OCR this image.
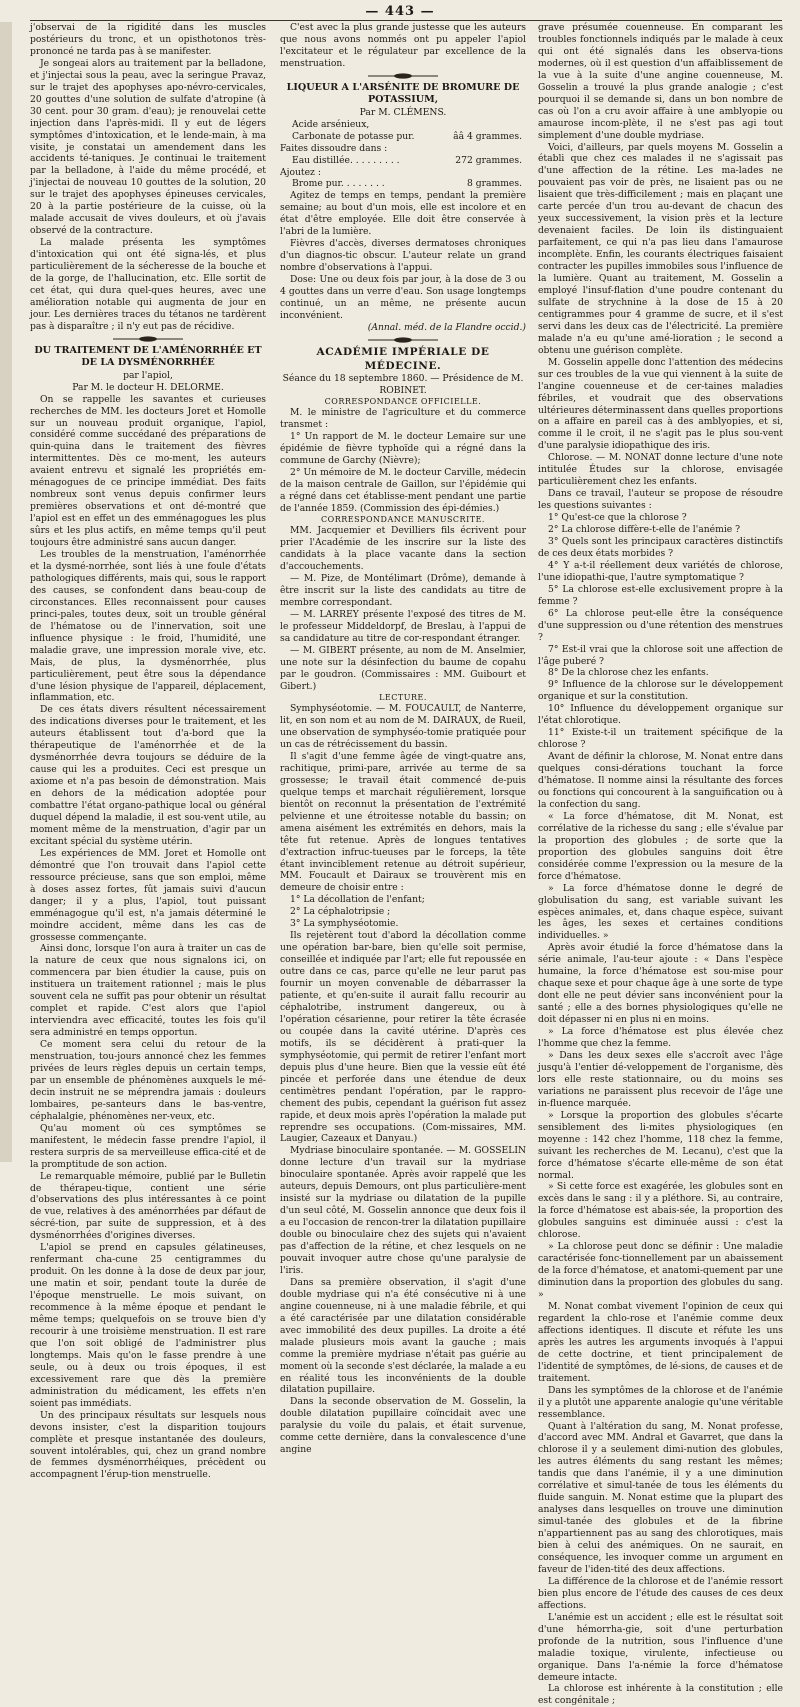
— 443 —

j'observai de la rigidité dans les muscles postérieurs du tronc, et un opisthotonos très-prononcé ne tarda pas à se manifester.

Je songeai alors au traitement par la belladone, et j'injectai sous la peau, avec la seringue Pravaz, sur le trajet des apophyses apo-névro-cervicales, 20 gouttes d'une solution de sulfate d'atropine (à 30 cent. pour 30 gram. d'eau); je renouvelai cette injection dans l'après-midi. Il y eut de légers symptômes d'intoxication, et le lende-main, à ma visite, je constatai un amendement dans les accidents té-taniques. Je continuai le traitement par la belladone, à l'aide du même procédé, et j'injectai de nouveau 10 gouttes de la solution, 20 sur le trajet des apophyses épineuses cervicales, 20 à la partie postérieure de la cuisse, où la malade accusait de vives douleurs, et où j'avais observé de la contracture.

La malade présenta les symptômes d'intoxication qui ont été signa-lés, et plus particulièrement de la sécheresse de la bouche et de la gorge, de l'hallucination, etc. Elle sortit de cet état, qui dura quel-ques heures, avec une amélioration notable qui augmenta de jour en jour. Les dernières traces du tétanos ne tardèrent pas à disparaître ; il n'y eut pas de récidive.

DU TRAITEMENT DE L'AMÉNORRHÉE ET DE LA DYSMÉNORRHÉE

par l'apiol,

Par M. le docteur H. DELORME.

On se rappelle les savantes et curieuses recherches de MM. les docteurs Joret et Homolle sur un nouveau produit organique, l'apiol, considéré comme succédané des préparations de quin-quina dans le traitement des fièvres intermittentes. Dès ce mo-ment, les auteurs avaient entrevu et signalé les propriétés em-ménagogues de ce principe immédiat. Des faits nombreux sont venus depuis confirmer leurs premières observations et ont dé-montré que l'apiol est en effet un des emménagogues les plus sûrs et les plus actifs, en même temps qu'il peut toujours être administré sans aucun danger.

Les troubles de la menstruation, l'aménorrhée et la dysmé-norrhée, sont liés à une foule d'états pathologiques différents, mais qui, sous le rapport des causes, se confondent dans beau-coup de circonstances. Elles reconnaissent pour causes princi-pales, toutes deux, soit un trouble général de l'hématose ou de l'innervation, soit une influence physique : le froid, l'humidité, une maladie grave, une impression morale vive, etc. Mais, de plus, la dysménorrhée, plus particulièrement, peut être sous la dépendance d'une lésion physique de l'appareil, déplacement, inflammation, etc.

De ces états divers résultent nécessairement des indications diverses pour le traitement, et les auteurs établissent tout d'a-bord que la thérapeutique de l'aménorrhée et de la dysménorrhée devra toujours se déduire de la cause qui les a produites. Ceci est presque un axiome et n'a pas besoin de démonstration. Mais en dehors de la médication adoptée pour combattre l'état organo-pathique local ou général duquel dépend la maladie, il est sou-vent utile, au moment même de la menstruation, d'agir par un excitant spécial du système utérin.

Les expériences de MM. Joret et Homolle ont démontré que l'on trouvait dans l'apiol cette ressource précieuse, sans que son emploi, même à doses assez fortes, fût jamais suivi d'aucun danger; il y a plus, l'apiol, tout puissant emménagogue qu'il est, n'a jamais déterminé le moindre accident, même dans les cas de grossesse commençante.

Ainsi donc, lorsque l'on aura à traiter un cas de la nature de ceux que nous signalons ici, on commencera par bien étudier la cause, puis on instituera un traitement rationnel ; mais le plus souvent cela ne suffit pas pour obtenir un résultat complet et rapide. C'est alors que l'apiol interviendra avec efficacité, toutes les fois qu'il sera administré en temps opportun.

Ce moment sera celui du retour de la menstruation, tou-jours annoncé chez les femmes privées de leurs règles depuis un certain temps, par un ensemble de phénomènes auxquels le mé-decin instruit ne se méprendra jamais : douleurs lombaires, pe-santeurs dans le bas-ventre, céphalalgie, phénomènes ner-veux, etc.

Qu'au moment où ces symptômes se manifestent, le médecin fasse prendre l'apiol, il restera surpris de sa merveilleuse effica-cité et de la promptitude de son action.

Le remarquable mémoire, publié par le Bulletin de thérapeu-tique, contient une série d'observations des plus intéressantes à ce point de vue, relatives à des aménorrhées par défaut de sécré-tion, par suite de suppression, et à des dysménorrhées d'origines diverses.

L'apiol se prend en capsules gélatineuses, renfermant cha-cune 25 centigrammes du produit. On les donne à la dose de deux par jour, une matin et soir, pendant toute la durée de l'époque menstruelle. Le mois suivant, on recommence à la même époque et pendant le même temps; quelquefois on se trouve bien d'y recourir à une troisième menstruation. Il est rare que l'on soit obligé de l'administrer plus longtemps. Mais qu'on le fasse prendre à une seule, ou à deux ou trois époques, il est excessivement rare que dès la première administration du médicament, les effets n'en soient pas immédiats.

Un des principaux résultats sur lesquels nous devons insister, c'est la disparition toujours complète et presque instantanée des douleurs, souvent intolérables, qui, chez un grand nombre de femmes dysménorrhéiques, précèdent ou accompagnent l'érup-tion menstruelle.

C'est avec la plus grande justesse que les auteurs que nous avons nommés ont pu appeler l'apiol l'excitateur et le régulateur par excellence de la menstruation.

LIQUEUR A L'ARSÉNITE DE BROMURE DE POTASSIUM,

Par M. CLÉMENS.

Acide arsénieux,

Carbonate de potasse pur.	ââ 4 grammes.

Faites dissoudre dans :

Eau distillée. . . . . . . . .	272 grammes.

Ajoutez :

Brome pur. . . . . . . .	8 grammes.

Agitez de temps en temps, pendant la première semaine; au bout d'un mois, elle est incolore et en état d'être employée. Elle doit être conservée à l'abri de la lumière.

Fièvres d'accès, diverses dermatoses chroniques d'un diagnos-tic obscur. L'auteur relate un grand nombre d'observations à l'appui.

Dose: Une ou deux fois par jour, à la dose de 3 ou 4 gouttes dans un verre d'eau. Son usage longtemps continué, un an même, ne présente aucun inconvénient.

(Annal. méd. de la Flandre occid.)

ACADÉMIE IMPÉRIALE DE MÉDECINE.

Séance du 18 septembre 1860. — Présidence de M. ROBINET.

CORRESPONDANCE OFFICIELLE.

M. le ministre de l'agriculture et du commerce transmet :

1° Un rapport de M. le docteur Lemaire sur une épidémie de fièvre typhoïde qui a régné dans la commune de Garchy (Nièvre);

2° Un mémoire de M. le docteur Carville, médecin de la maison centrale de Gaillon, sur l'épidémie qui a régné dans cet établisse-ment pendant une partie de l'année 1859. (Commission des épi-démies.)

CORRESPONDANCE MANUSCRITE.

MM. Jacquemier et Devilliers fils écrivent pour prier l'Académie de les inscrire sur la liste des candidats à la place vacante dans la section d'accouchements.

— M. Pize, de Montélimart (Drôme), demande à être inscrit sur la liste des candidats au titre de membre correspondant.

— M. LARREY présente l'exposé des titres de M. le professeur Middeldorpf, de Breslau, à l'appui de sa candidature au titre de cor-respondant étranger.

— M. GIBERT présente, au nom de M. Anselmier, une note sur la désinfection du baume de copahu par le goudron. (Commissaires : MM. Guibourt et Gibert.)

LECTURE.

Symphyséotomie. — M. FOUCAULT, de Nanterre, lit, en son nom et au nom de M. DAIRAUX, de Rueil, une observation de symphyséo-tomie pratiquée pour un cas de rétrécissement du bassin.

Il s'agit d'une femme âgée de vingt-quatre ans, rachitique, primi-pare, arrivée au terme de sa grossesse; le travail était commencé de-puis quelque temps et marchait régulièrement, lorsque bientôt on reconnut la présentation de l'extrémité pelvienne et une étroitesse notable du bassin; on amena aisément les extrémités en dehors, mais la tête fut retenue. Après de longues tentatives d'extraction infruc-tueuses par le forceps, la tête étant invinciblement retenue au détroit supérieur, MM. Foucault et Dairaux se trouvèrent mis en demeure de choisir entre :

1° La décollation de l'enfant;

2° La céphalotripsie ;

3° La symphyséotomie.

Ils rejetèrent tout d'abord la décollation comme une opération bar-bare, bien qu'elle soit permise, conseillée et indiquée par l'art; elle fut repoussée en outre dans ce cas, parce qu'elle ne leur parut pas fournir un moyen convenable de débarrasser la patiente, et qu'en-suite il aurait fallu recourir au céphalotribe, instrument dangereux, ou à l'opération césarienne, pour retirer la tête écrasée ou coupée dans la cavité utérine. D'après ces motifs, ils se décidèrent à prati-quer la symphyséotomie, qui permit de retirer l'enfant mort depuis plus d'une heure. Bien que la vessie eût été pincée et perforée dans une étendue de deux centimètres pendant l'opération, par le rappro-chement des pubis, cependant la guérison fut assez rapide, et deux mois après l'opération la malade put reprendre ses occupations. (Com-missaires, MM. Laugier, Cazeaux et Danyau.)

Mydriase binoculaire spontanée. — M. GOSSELIN donne lecture d'un travail sur la mydriase binoculaire spontanée. Après avoir rappelé que les auteurs, depuis Demours, ont plus particulière-ment insisté sur la mydriase ou dilatation de la pupille d'un seul côté, M. Gosselin annonce que deux fois il a eu l'occasion de rencon-trer la dilatation pupillaire double ou binoculaire chez des sujets qui n'avaient pas d'affection de la rétine, et chez lesquels on ne pouvait invoquer autre chose qu'une paralysie de l'iris.

Dans sa première observation, il s'agit d'une double mydriase qui n'a été consécutive ni à une angine couenneuse, ni à une maladie fébrile, et qui a été caractérisée par une dilatation considérable avec immobilité des deux pupilles. La droite a été malade plusieurs mois avant la gauche ; mais comme la première mydriase n'était pas guérie au moment où la seconde s'est déclarée, la malade a eu en réalité tous les inconvénients de la double dilatation pupillaire.

Dans la seconde observation de M. Gosselin, la double dilatation pupillaire coïncidait avec une paralysie du voile du palais, et était survenue, comme cette dernière, dans la convalescence d'une angine

grave présumée couenneuse. En comparant les troubles fonctionnels indiqués par le malade à ceux qui ont été signalés dans les observa-tions modernes, où il est question d'un affaiblissement de la vue à la suite d'une angine couenneuse, M. Gosselin a trouvé la plus grande analogie ; c'est pourquoi il se demande si, dans un bon nombre de cas où l'on a cru avoir affaire à une amblyopie ou amaurose incom-plète, il ne s'est pas agi tout simplement d'une double mydriase.

Voici, d'ailleurs, par quels moyens M. Gosselin a établi que chez ces malades il ne s'agissait pas d'une affection de la rétine. Les ma-lades ne pouvaient pas voir de près, ne lisaient pas ou ne lisaient que très-difficilement ; mais en plaçant une carte percée d'un trou au-devant de chacun des yeux successivement, la vision près et la lecture devenaient faciles. De loin ils distinguaient parfaitement, ce qui n'a pas lieu dans l'amaurose incomplète. Enfin, les courants électriques faisaient contracter les pupilles immobiles sous l'influence de la lumière. Quant au traitement, M. Gosselin a employé l'insuf-flation d'une poudre contenant du sulfate de strychnine à la dose de 15 à 20 centigrammes pour 4 gramme de sucre, et il s'est servi dans les deux cas de l'électricité. La première malade n'a eu qu'une amé-lioration ; le second a obtenu une guérison complète.

M. Gosselin appelle donc l'attention des médecins sur ces troubles de la vue qui viennent à la suite de l'angine couenneuse et de cer-taines maladies fébriles, et voudrait que des observations ultérieures déterminassent dans quelles proportions on a affaire en pareil cas à des amblyopies, et si, comme il le croit, il ne s'agit pas le plus sou-vent d'une paralysie idiopathique des iris.

Chlorose. — M. NONAT donne lecture d'une note intitulée Études sur la chlorose, envisagée particulièrement chez les enfants.

Dans ce travail, l'auteur se propose de résoudre les questions suivantes :

1° Qu'est-ce que la chlorose ?

2° La chlorose diffère-t-elle de l'anémie ?

3° Quels sont les principaux caractères distinctifs de ces deux états morbides ?

4° Y a-t-il réellement deux variétés de chlorose, l'une idiopathi-que, l'autre symptomatique ?

5° La chlorose est-elle exclusivement propre à la femme ?

6° La chlorose peut-elle être la conséquence d'une suppression ou d'une rétention des menstrues ?

7° Est-il vrai que la chlorose soit une affection de l'âge puberé ?

8° De la chlorose chez les enfants.

9° Influence de la chlorose sur le développement organique et sur la constitution.

10° Influence du développement organique sur l'état chlorotique.

11° Existe-t-il un traitement spécifique de la chlorose ?

Avant de définir la chlorose, M. Nonat entre dans quelques consi-dérations touchant la force d'hématose. Il nomme ainsi la résultante des forces ou fonctions qui concourent à la sanguification ou à la confection du sang.

« La force d'hématose, dit M. Nonat, est corrélative de la richesse du sang ; elle s'évalue par la proportion des globules ; de sorte que la proportion des globules sanguins doit être considérée comme l'expression ou la mesure de la force d'hématose.

» La force d'hématose donne le degré de globulisation du sang, est variable suivant les espèces animales, et, dans chaque espèce, suivant les âges, les sexes et certaines conditions individuelles. »

Après avoir étudié la force d'hématose dans la série animale, l'au-teur ajoute : « Dans l'espèce humaine, la force d'hématose est sou-mise pour chaque sexe et pour chaque âge à une sorte de type dont elle ne peut dévier sans inconvénient pour la santé ; elle a des bornes physiologiques qu'elle ne doit dépasser ni en plus ni en moins.

» La force d'hématose est plus élevée chez l'homme que chez la femme.

» Dans les deux sexes elle s'accroît avec l'âge jusqu'à l'entier dé-veloppement de l'organisme, dès lors elle reste stationnaire, ou du moins ses variations ne paraissent plus recevoir de l'âge une in-fluence marquée.

» Lorsque la proportion des globules s'écarte sensiblement des li-mites physiologiques (en moyenne : 142 chez l'homme, 118 chez la femme, suivant les recherches de M. Lecanu), c'est que la force d'hématose s'écarte elle-même de son état normal.

» Si cette force est exagérée, les globules sont en excès dans le sang : il y a pléthore. Si, au contraire, la force d'hématose est abais-sée, la proportion des globules sanguins est diminuée aussi : c'est la chlorose.

» La chlorose peut donc se définir : Une maladie caractérisée fonc-tionnellement par un abaissement de la force d'hématose, et anatomi-quement par une diminution dans la proportion des globules du sang. »

M. Nonat combat vivement l'opinion de ceux qui regardent la chlo-rose et l'anémie comme deux affections identiques. Il discute et réfute les uns après les autres les arguments invoqués à l'appui de cette doctrine, et tient principalement de l'identité de symptômes, de lé-sions, de causes et de traitement.

Dans les symptômes de la chlorose et de l'anémie il y a plutôt une apparente analogie qu'une véritable ressemblance.

Quant à l'altération du sang, M. Nonat professe, d'accord avec MM. Andral et Gavarret, que dans la chlorose il y a seulement dimi-nution des globules, les autres éléments du sang restant les mêmes; tandis que dans l'anémie, il y a une diminution corrélative et simul-tanée de tous les éléments du fluide sanguin. M. Nonat estime que la plupart des analyses dans lesquelles on trouve une diminution simul-tanée des globules et de la fibrine n'appartiennent pas au sang des chlorotiques, mais bien à celui des anémiques. On ne saurait, en conséquence, les invoquer comme un argument en faveur de l'iden-tité des deux affections.

La différence de la chlorose et de l'anémie ressort bien plus encore de l'étude des causes de ces deux affections.

L'anémie est un accident ; elle est le résultat soit d'une hémorrha-gie, soit d'une perturbation profonde de la nutrition, sous l'influence d'une maladie toxique, virulente, infectieuse ou organique. Dans l'a-némie la force d'hématose demeure intacte.

La chlorose est inhérente à la constitution ; elle est congénitale ;
